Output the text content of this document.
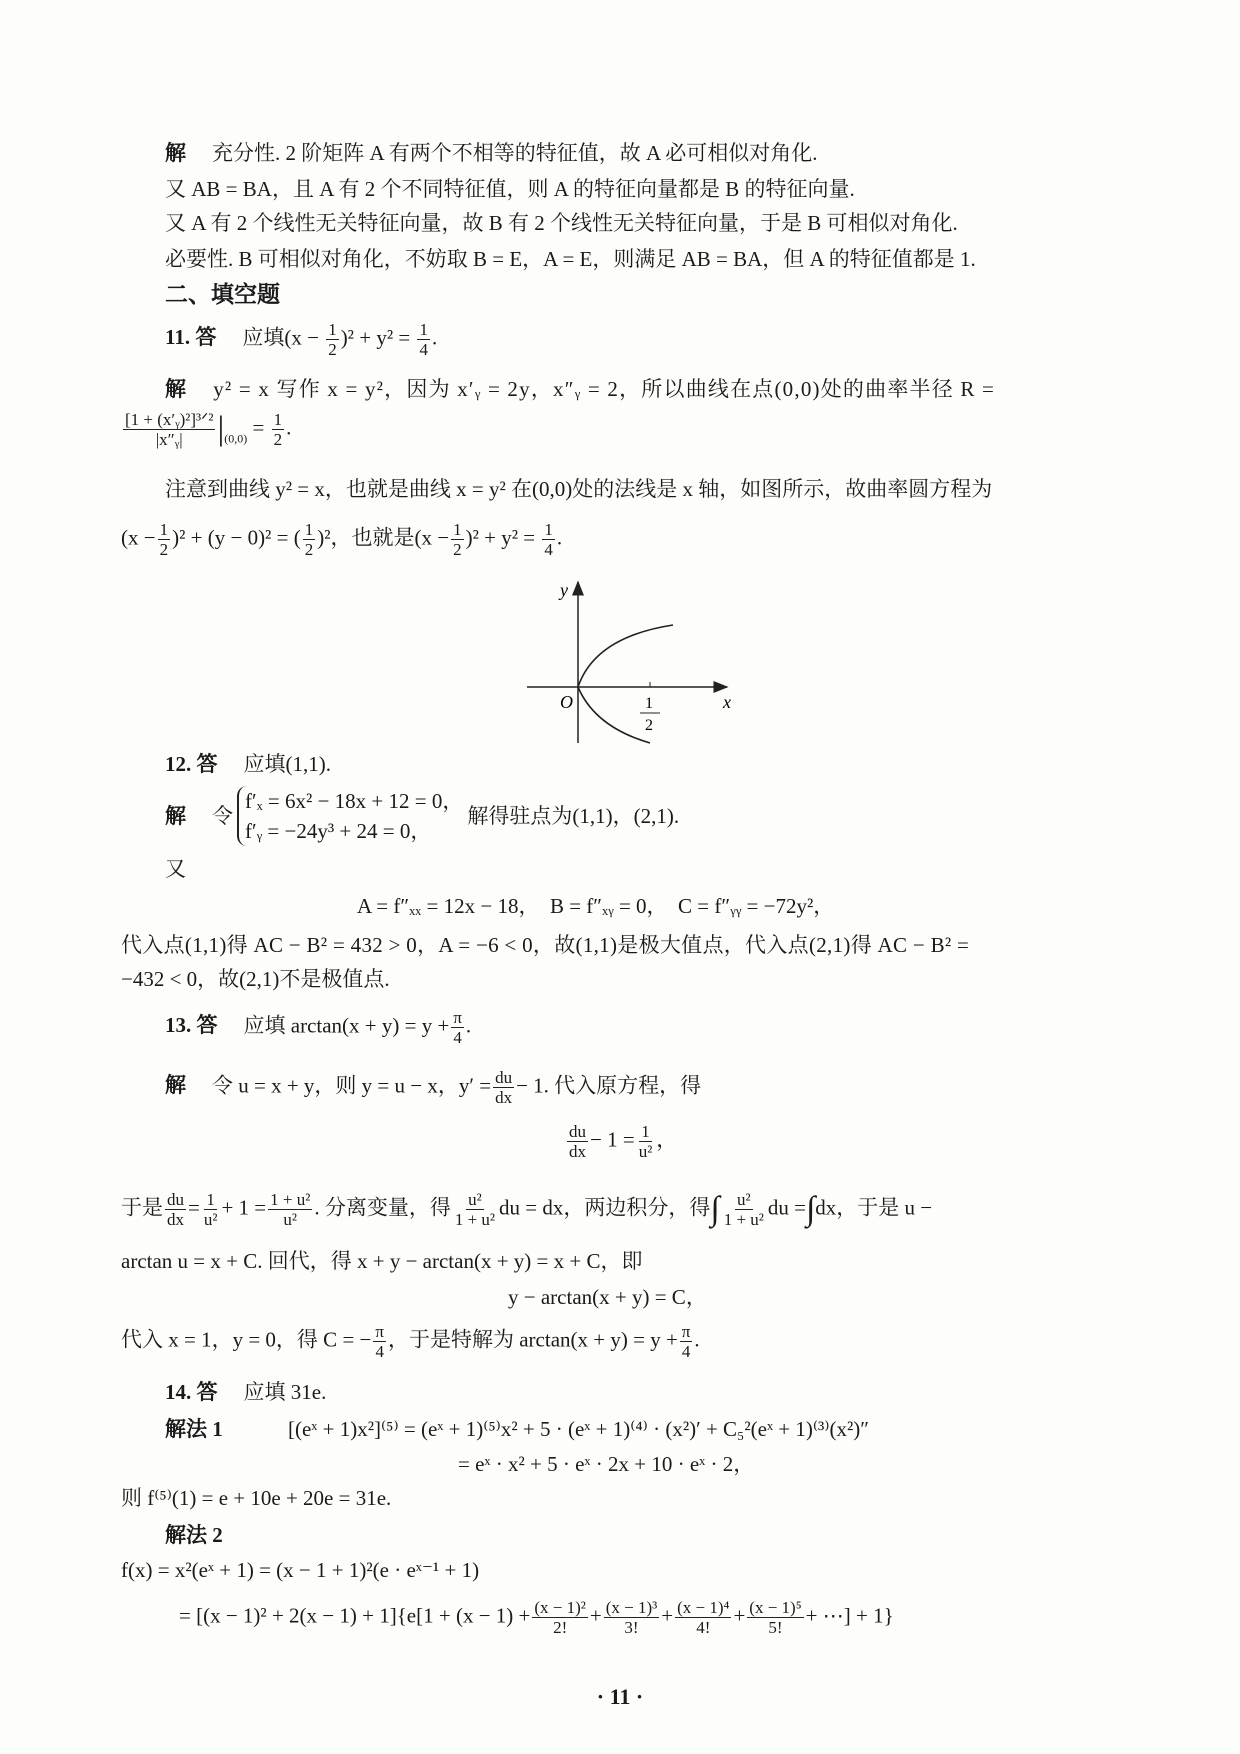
解 充分性. 2 阶矩阵 A 有两个不相等的特征值，故 A 必可相似对角化.
又 AB = BA，且 A 有 2 个不同特征值，则 A 的特征向量都是 B 的特征向量.
又 A 有 2 个线性无关特征向量，故 B 有 2 个线性无关特征向量，于是 B 可相似对角化.
必要性. B 可相似对角化，不妨取 B = E，A = E，则满足 AB = BA，但 A 的特征值都是 1.
二、填空题
11. 答 应填$(x - \frac{1}{2} )^2 + y^2 = \frac{1}{4}$ .
解 y² = x 写作 x = y²，因为 x′ᵧ = 2y，x″ᵧ = 2，所以曲线在点(0,0)处的曲率半径 R =
[1 + (x′ᵧ)²]³ᐟ²
|x″ᵧ| $|_{(0,0)} = \frac{1}{2}$ .
注意到曲线 y² = x，也就是曲线 x = y² 在(0,0)处的法线是 x 轴，如图所示，故曲率圆方程为
$(x - \frac{1}{2} )^2 + (y - 0)^2$ = ( $\frac{1}{2} )^2$，也就是$(x - \frac{1}{2} )^2 + y^2 = \frac{1}{4}$ .
y
x
O	1
2
12. 答 应填(1,1).
解 令
f′ₓ = 6x² − 18x + 12 = 0，
f′ᵧ = −24y³ + 24 = 0，
解得驻点为(1,1)，(2,1).
又
A = f″ₓₓ = 12x − 18，　B = f″ₓᵧ = 0，　C = f″ᵧᵧ = −72y²，
代入点(1,1)得 AC − B² = 432 > 0，A = −6 < 0，故(1,1)是极大值点，代入点(2,1)得 AC − B² =
−432 < 0，故(2,1)不是极值点.
13. 答 应填 $\arctan(x + y) = y + \frac{\pi}{4}$ .
解 令 u = x + y，则 y = u − x，$y' = \frac{du}{dx} - 1$. 代入原方程，得
$\frac{du}{dx} - 1 = \frac{1}{\text{u²}}$ ，
于是 $\frac{du}{dx} = \frac{1}{\text{u²}} + 1 = \frac{\text{1 + u²}}{\text{u²}}$ . 分离变量，得 $\frac{\text{u²}}{\text{1 + u²}}$ du = dx，两边积分，得∫ $\frac{\text{u²}}{\text{1 + u²}}$ du =∫dx，于是 u −
arctan u = x + C. 回代，得 x + y − arctan(x + y) = x + C，即
y − arctan(x + y) = C，
代入 x = 1，y = 0，得 C = − $\frac{\pi}{4}$ ，于是特解为 $\arctan(x + y) = y + \frac{\pi}{4}$ .
14. 答 应填 31e.
解法 1	[(eˣ + 1)x²]⁽⁵⁾ = (eˣ + 1)⁽⁵⁾x² + 5 · (eˣ + 1)⁽⁴⁾ · (x²)′ + C₅²(eˣ + 1)⁽³⁾(x²)″
= eˣ · x² + 5 · eˣ · 2x + 10 · eˣ · 2，
则 f⁽⁵⁾(1) = e + 10e + 20e = 31e.
解法 2
f(x) = x²(eˣ + 1) = (x − 1 + 1)²(e · eˣ⁻¹ + 1)
= $[(x - 1)^2 + 2(x - 1) + 1]\{e[1 + (x - 1) + \frac{\text{(x − 1)²}}{2!} + \frac{\text{(x − 1)³}}{3!} + \frac{\text{(x − 1)⁴}}{4!} + \frac{\text{(x − 1)⁵}}{5!}$ + ⋯] + 1}
· 11 ·
